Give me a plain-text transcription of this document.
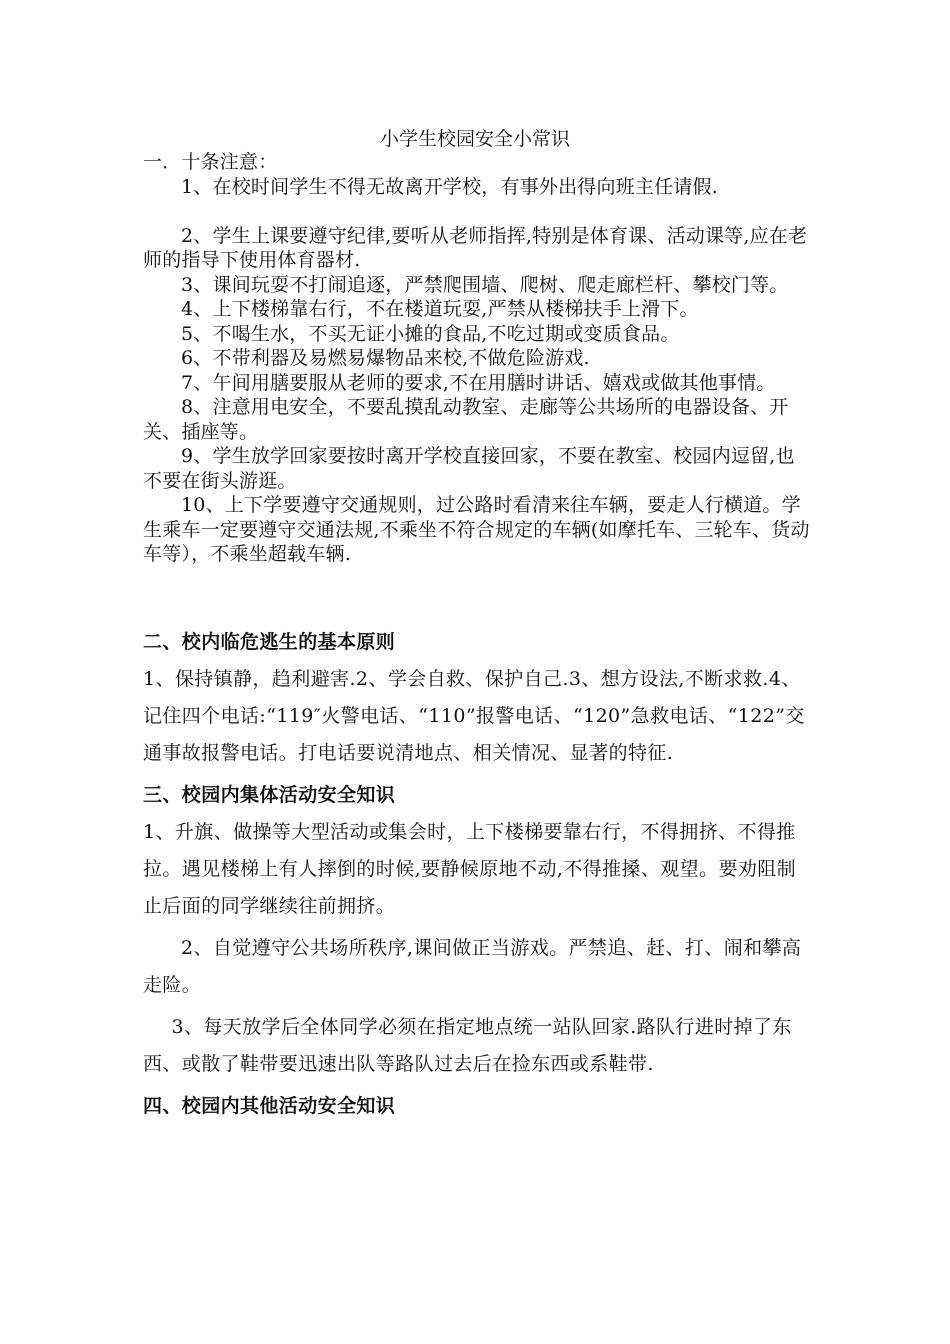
小学生校园安全小常识

一．十条注意：

1、在校时间学生不得无故离开学校，有事外出得向班主任请假.

2、学生上课要遵守纪律,要听从老师指挥,特别是体育课、活动课等,应在老师的指导下使用体育器材.

3、课间玩耍不打闹追逐，严禁爬围墙、爬树、爬走廊栏杆、攀校门等。

4、上下楼梯靠右行，不在楼道玩耍,严禁从楼梯扶手上滑下。

5、不喝生水，不买无证小摊的食品,不吃过期或变质食品。

6、不带利器及易燃易爆物品来校,不做危险游戏.

7、午间用膳要服从老师的要求,不在用膳时讲话、嬉戏或做其他事情。

8、注意用电安全，不要乱摸乱动教室、走廊等公共场所的电器设备、开关、插座等。

9、学生放学回家要按时离开学校直接回家，不要在教室、校园内逗留,也不要在街头游逛。

10、上下学要遵守交通规则，过公路时看清来往车辆，要走人行横道。学生乘车一定要遵守交通法规,不乘坐不符合规定的车辆(如摩托车、三轮车、货动车等），不乘坐超载车辆.

二、校内临危逃生的基本原则

1、保持镇静，趋利避害.2、学会自救、保护自己.3、想方设法,不断求救.4、记住四个电话:“119″火警电话、“110”报警电话、“120”急救电话、“122”交通事故报警电话。打电话要说清地点、相关情况、显著的特征.

三、校园内集体活动安全知识

1、升旗、做操等大型活动或集会时，上下楼梯要靠右行，不得拥挤、不得推拉。遇见楼梯上有人摔倒的时候,要静候原地不动,不得推搡、观望。要劝阻制止后面的同学继续往前拥挤。

2、自觉遵守公共场所秩序,课间做正当游戏。严禁追、赶、打、闹和攀高走险。

3、每天放学后全体同学必须在指定地点统一站队回家.路队行进时掉了东西、或散了鞋带要迅速出队等路队过去后在捡东西或系鞋带.

四、校园内其他活动安全知识
